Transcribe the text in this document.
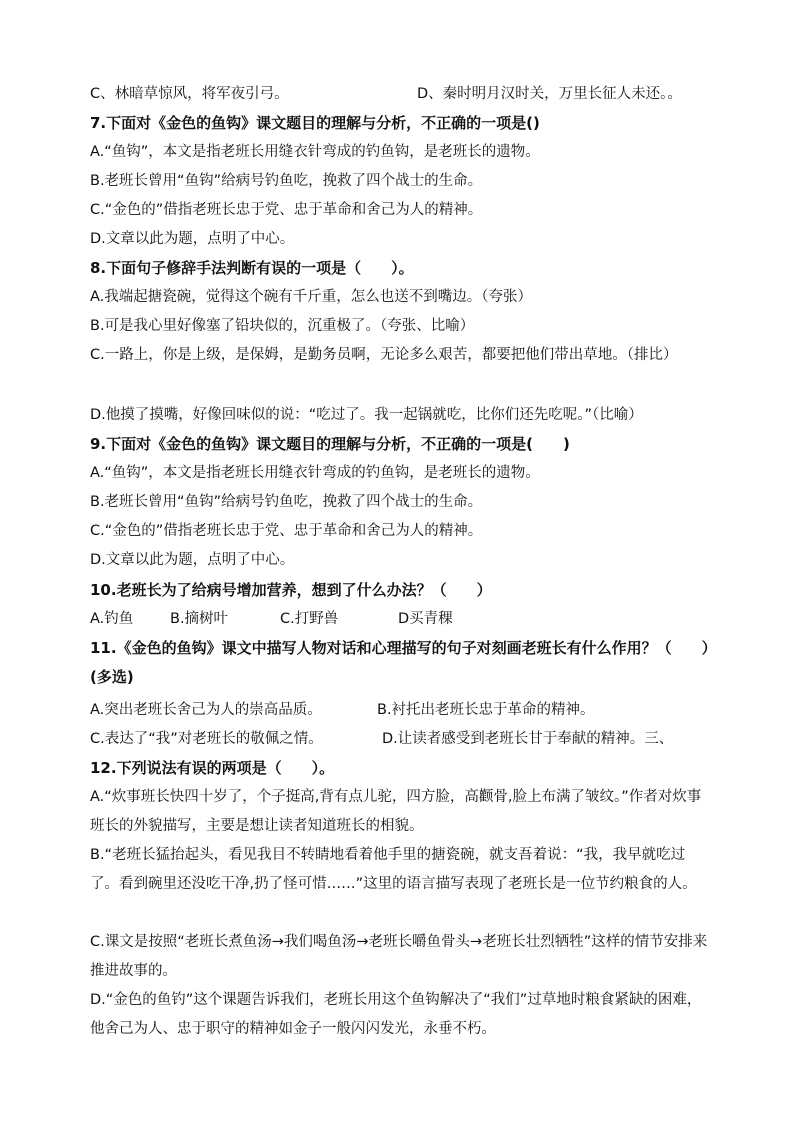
C、林暗草惊风，将军夜引弓。	D、秦时明月汉时关，万里长征人未还。。
7.下面对《金色的鱼钩》课文题目的理解与分析，不正确的一项是()
A.“鱼钩”，本文是指老班长用缝衣针弯成的钓鱼钩，是老班长的遗物。
B.老班长曾用“鱼钩”给病号钓鱼吃，挽救了四个战士的生命。
C.“金色的”借指老班长忠于党、忠于革命和舍己为人的精神。
D.文章以此为题，点明了中心。
8.下面句子修辞手法判断有误的一项是（　　）。
A.我端起搪瓷碗，觉得这个碗有千斤重，怎么也送不到嘴边。（夸张）
B.可是我心里好像塞了铅块似的，沉重极了。（夸张、比喻）
C.一路上，你是上级，是保姆，是勤务员啊，无论多么艰苦，都要把他们带出草地。（排比）
D.他摸了摸嘴，好像回味似的说：“吃过了。我一起锅就吃，比你们还先吃呢。”（比喻）
9.下面对《金色的鱼钩》课文题目的理解与分析，不正确的一项是(　　)
A.“鱼钩”，本文是指老班长用缝衣针弯成的钓鱼钩，是老班长的遗物。
B.老班长曾用“鱼钩”给病号钓鱼吃，挽救了四个战士的生命。
C.“金色的”借指老班长忠于党、忠于革命和舍己为人的精神。
D.文章以此为题，点明了中心。
10.老班长为了给病号增加营养，想到了什么办法？（　　）
A.钓鱼	B.摘树叶	C.打野兽	D买青稞
11.《金色的鱼钩》课文中描写人物对话和心理描写的句子对刻画老班长有什么作用？（　　）(多选)
A.突出老班长舍己为人的崇高品质。	B.衬托出老班长忠于革命的精神。
C.表达了“我”对老班长的敬佩之情。	D.让读者感受到老班长甘于奉献的精神。三、
12.下列说法有误的两项是（　　）。
A.“炊事班长快四十岁了，个子挺高,背有点儿驼，四方脸，高颧骨,脸上布满了皱纹。”作者对炊事班长的外貌描写，主要是想让读者知道班长的相貌。
B.“老班长猛抬起头，看见我目不转睛地看着他手里的搪瓷碗，就支吾着说：“我，我早就吃过了。看到碗里还没吃干净,扔了怪可惜……”这里的语言描写表现了老班长是一位节约粮食的人。
C.课文是按照“老班长煮鱼汤→我们喝鱼汤→老班长嚼鱼骨头→老班长壮烈牺牲”这样的情节安排来推进故事的。
D.“金色的鱼钓”这个课题告诉我们，老班长用这个鱼钩解决了“我们”过草地时粮食紧缺的困难，他舍己为人、忠于职守的精神如金子一般闪闪发光，永垂不朽。
